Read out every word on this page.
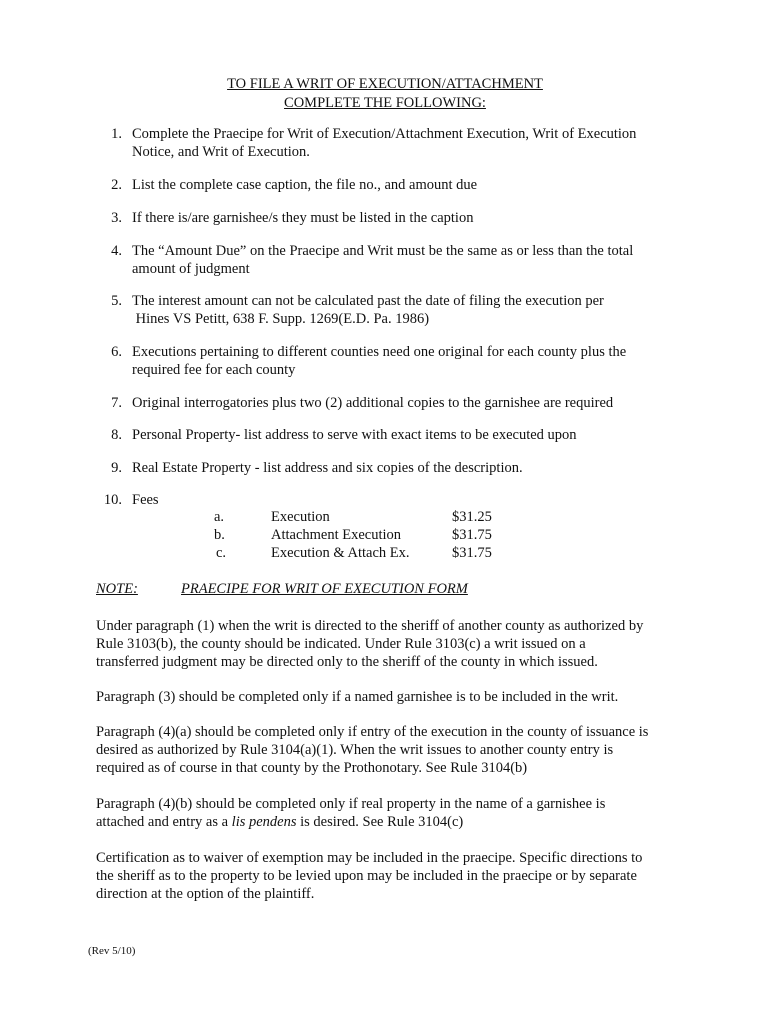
TO FILE A WRIT OF EXECUTION/ATTACHMENT
COMPLETE THE FOLLOWING:
1. Complete the Praecipe for Writ of Execution/Attachment Execution, Writ of Execution
Notice, and Writ of Execution.
2. List the complete case caption, the file no., and amount due
3. If there is/are garnishee/s they must be listed in the caption
4. The “Amount Due” on the Praecipe and Writ must be the same as or less than the total
amount of judgment
5. The interest amount can not be calculated past the date of filing the execution per
Hines VS Petitt, 638 F. Supp. 1269(E.D. Pa. 1986)
6. Executions pertaining to different counties need one original for each county plus the
required fee for each county
7. Original interrogatories plus two (2) additional copies to the garnishee are required
8. Personal Property- list address to serve with exact items to be executed upon
9. Real Estate Property - list address and six copies of the description.
10. Fees
a.	Execution	$31.25
b.	Attachment Execution	$31.75
c.	Execution & Attach Ex.	$31.75
NOTE:	PRAECIPE FOR WRIT OF EXECUTION FORM

Under paragraph (1) when the writ is directed to the sheriff of another county as authorized by
Rule 3103(b), the county should be indicated. Under Rule 3103(c) a writ issued on a
transferred judgment may be directed only to the sheriff of the county in which issued.

Paragraph (3) should be completed only if a named garnishee is to be included in the writ.

Paragraph (4)(a) should be completed only if entry of the execution in the county of issuance is
desired as authorized by Rule 3104(a)(1). When the writ issues to another county entry is
required as of course in that county by the Prothonotary. See Rule 3104(b)

Paragraph (4)(b) should be completed only if real property in the name of a garnishee is
attached and entry as a lis pendens is desired. See Rule 3104(c)

Certification as to waiver of exemption may be included in the praecipe. Specific directions to
the sheriff as to the property to be levied upon may be included in the praecipe or by separate
direction at the option of the plaintiff.

(Rev 5/10)
